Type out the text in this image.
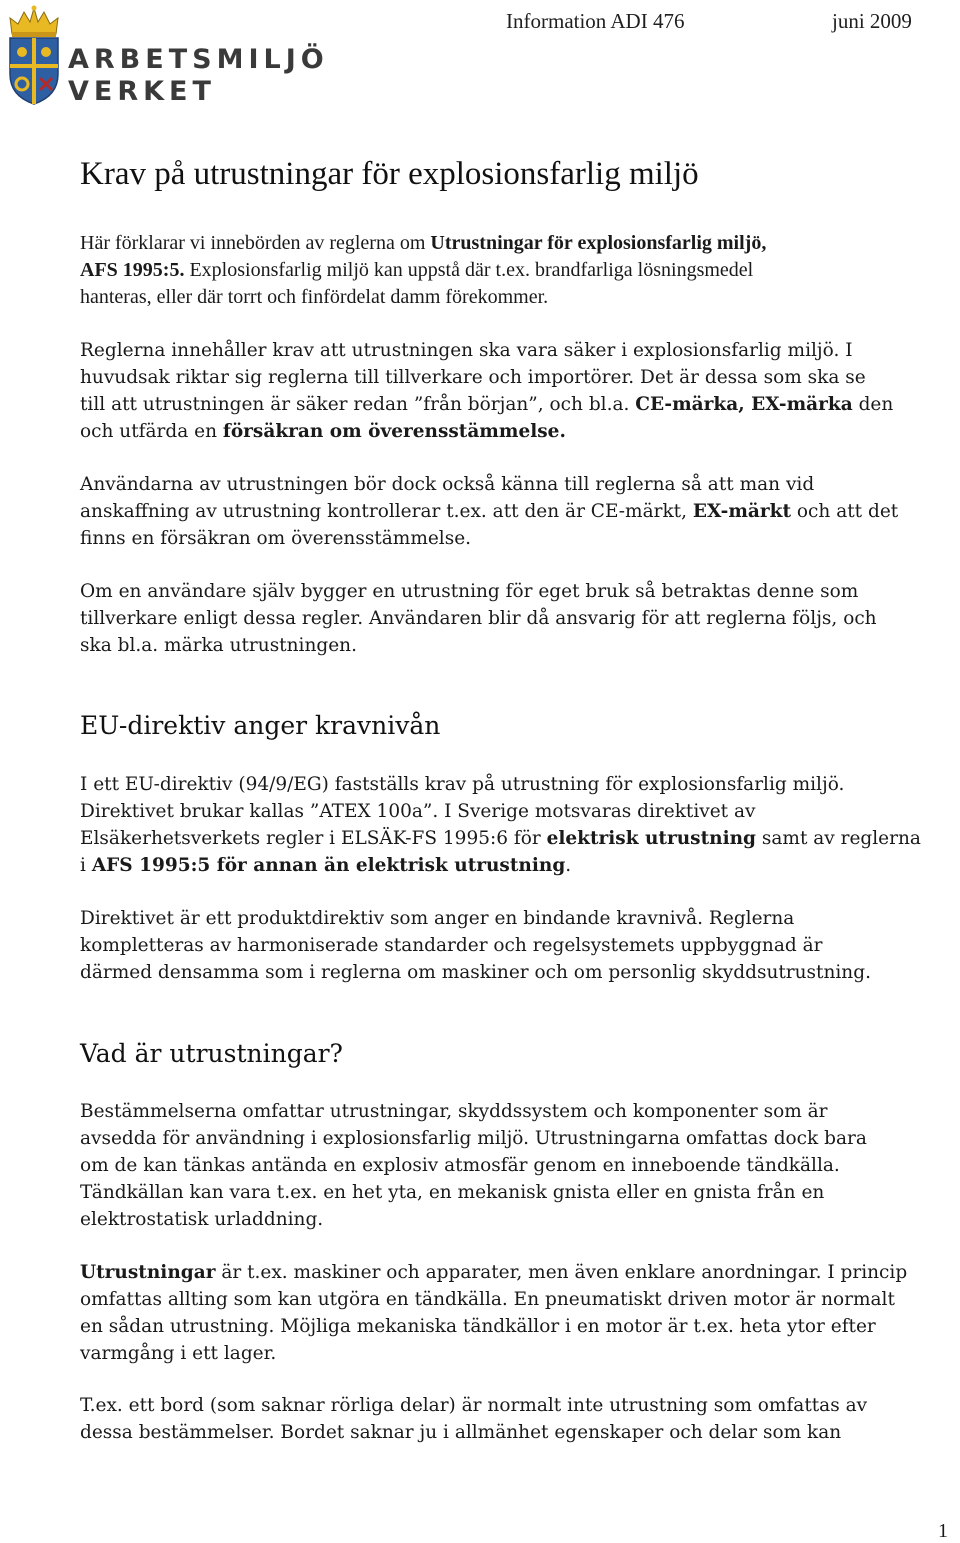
ARBETSMILJÖ
VERKET
Information ADI 476	juni 2009
Krav på utrustningar för explosionsfarlig miljö
Här förklarar vi innebörden av reglerna om Utrustningar för explosionsfarlig miljö,
AFS 1995:5. Explosionsfarlig miljö kan uppstå där t.ex. brandfarliga lösningsmedel
hanteras, eller där torrt och finfördelat damm förekommer.
Reglerna innehåller krav att utrustningen ska vara säker i explosionsfarlig miljö. I
huvudsak riktar sig reglerna till tillverkare och importörer. Det är dessa som ska se
till att utrustningen är säker redan ”från början”, och bl.a. CE-märka, EX-märka den
och utfärda en försäkran om överensstämmelse.
Användarna av utrustningen bör dock också känna till reglerna så att man vid
anskaffning av utrustning kontrollerar t.ex. att den är CE-märkt, EX-märkt och att det
finns en försäkran om överensstämmelse.
Om en användare själv bygger en utrustning för eget bruk så betraktas denne som
tillverkare enligt dessa regler. Användaren blir då ansvarig för att reglerna följs, och
ska bl.a. märka utrustningen.
EU-direktiv anger kravnivån
I ett EU-direktiv (94/9/EG) fastställs krav på utrustning för explosionsfarlig miljö.
Direktivet brukar kallas ”ATEX 100a”. I Sverige motsvaras direktivet av
Elsäkerhetsverkets regler i ELSÄK-FS 1995:6 för elektrisk utrustning samt av reglerna
i AFS 1995:5 för annan än elektrisk utrustning.
Direktivet är ett produktdirektiv som anger en bindande kravnivå. Reglerna
kompletteras av harmoniserade standarder och regelsystemets uppbyggnad är
därmed densamma som i reglerna om maskiner och om personlig skyddsutrustning.
Vad är utrustningar?
Bestämmelserna omfattar utrustningar, skyddssystem och komponenter som är
avsedda för användning i explosionsfarlig miljö. Utrustningarna omfattas dock bara
om de kan tänkas antända en explosiv atmosfär genom en inneboende tändkälla.
Tändkällan kan vara t.ex. en het yta, en mekanisk gnista eller en gnista från en
elektrostatisk urladdning.
Utrustningar är t.ex. maskiner och apparater, men även enklare anordningar. I princip
omfattas allting som kan utgöra en tändkälla. En pneumatiskt driven motor är normalt
en sådan utrustning. Möjliga mekaniska tändkällor i en motor är t.ex. heta ytor efter
varmgång i ett lager.
T.ex. ett bord (som saknar rörliga delar) är normalt inte utrustning som omfattas av
dessa bestämmelser. Bordet saknar ju i allmänhet egenskaper och delar som kan
1
